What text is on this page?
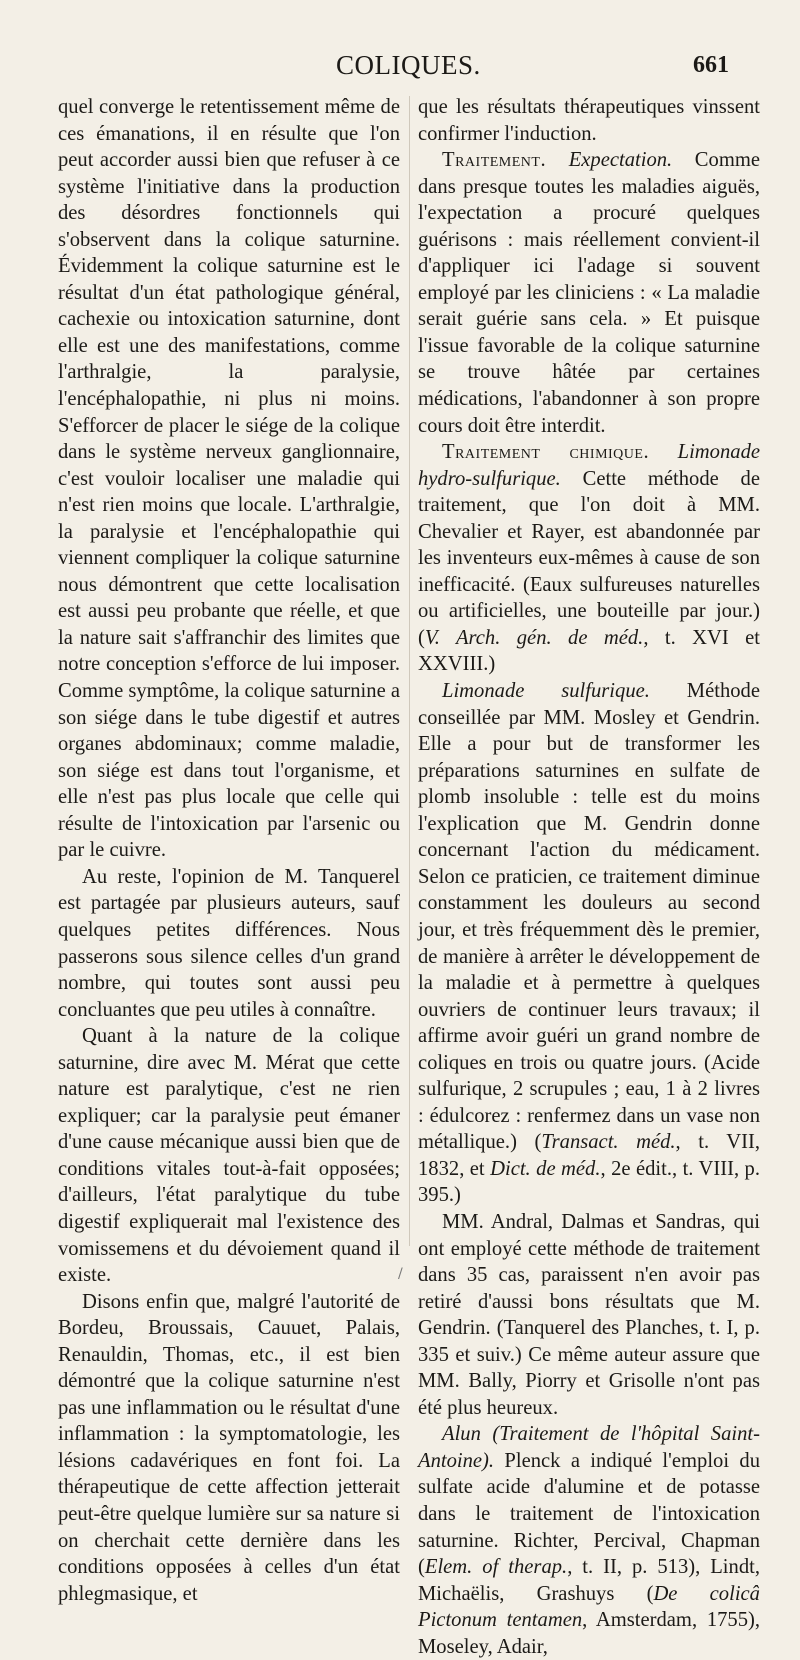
COLIQUES.	661

quel converge le retentissement même de ces émanations, il en résulte que l'on peut accorder aussi bien que refuser à ce système l'initiative dans la production des désordres fonctionnels qui s'observent dans la colique saturnine. Évidemment la colique saturnine est le résultat d'un état pathologique général, cachexie ou intoxication saturnine, dont elle est une des manifestations, comme l'arthralgie, la paralysie, l'encéphalopathie, ni plus ni moins. S'efforcer de placer le siége de la colique dans le système nerveux ganglionnaire, c'est vouloir localiser une maladie qui n'est rien moins que locale. L'arthralgie, la paralysie et l'encéphalopathie qui viennent compliquer la colique saturnine nous démontrent que cette localisation est aussi peu probante que réelle, et que la nature sait s'affranchir des limites que notre conception s'efforce de lui imposer. Comme symptôme, la colique saturnine a son siége dans le tube digestif et autres organes abdominaux; comme maladie, son siége est dans tout l'organisme, et elle n'est pas plus locale que celle qui résulte de l'intoxication par l'arsenic ou par le cuivre.

Au reste, l'opinion de M. Tanquerel est partagée par plusieurs auteurs, sauf quelques petites différences. Nous passerons sous silence celles d'un grand nombre, qui toutes sont aussi peu concluantes que peu utiles à connaître.

Quant à la nature de la colique saturnine, dire avec M. Mérat que cette nature est paralytique, c'est ne rien expliquer; car la paralysie peut émaner d'une cause mécanique aussi bien que de conditions vitales tout-à-fait opposées; d'ailleurs, l'état paralytique du tube digestif expliquerait mal l'existence des vomissemens et du dévoiement quand il existe.

Disons enfin que, malgré l'autorité de Bordeu, Broussais, Cauuet, Palais, Renauldin, Thomas, etc., il est bien démontré que la colique saturnine n'est pas une inflammation ou le résultat d'une inflammation : la symptomatologie, les lésions cadavériques en font foi. La thérapeutique de cette affection jetterait peut-être quelque lumière sur sa nature si on cherchait cette dernière dans les conditions opposées à celles d'un état phlegmasique, et

que les résultats thérapeutiques vinssent confirmer l'induction.

Traitement. Expectation. Comme dans presque toutes les maladies aiguës, l'expectation a procuré quelques guérisons : mais réellement convient-il d'appliquer ici l'adage si souvent employé par les cliniciens : « La maladie serait guérie sans cela. » Et puisque l'issue favorable de la colique saturnine se trouve hâtée par certaines médications, l'abandonner à son propre cours doit être interdit.

Traitement chimique. Limonade hydro-sulfurique. Cette méthode de traitement, que l'on doit à MM. Chevalier et Rayer, est abandonnée par les inventeurs eux-mêmes à cause de son inefficacité. (Eaux sulfureuses naturelles ou artificielles, une bouteille par jour.) (V. Arch. gén. de méd., t. XVI et XXVIII.)

Limonade sulfurique. Méthode conseillée par MM. Mosley et Gendrin. Elle a pour but de transformer les préparations saturnines en sulfate de plomb insoluble : telle est du moins l'explication que M. Gendrin donne concernant l'action du médicament. Selon ce praticien, ce traitement diminue constamment les douleurs au second jour, et très fréquemment dès le premier, de manière à arrêter le développement de la maladie et à permettre à quelques ouvriers de continuer leurs travaux; il affirme avoir guéri un grand nombre de coliques en trois ou quatre jours. (Acide sulfurique, 2 scrupules ; eau, 1 à 2 livres : édulcorez : renfermez dans un vase non métallique.) (Transact. méd., t. VII, 1832, et Dict. de méd., 2e édit., t. VIII, p. 395.)

MM. Andral, Dalmas et Sandras, qui ont employé cette méthode de traitement dans 35 cas, paraissent n'en avoir pas retiré d'aussi bons résultats que M. Gendrin. (Tanquerel des Planches, t. I, p. 335 et suiv.) Ce même auteur assure que MM. Bally, Piorry et Grisolle n'ont pas été plus heureux.

Alun (Traitement de l'hôpital Saint-Antoine). Plenck a indiqué l'emploi du sulfate acide d'alumine et de potasse dans le traitement de l'intoxication saturnine. Richter, Percival, Chapman (Elem. of therap., t. II, p. 513), Lindt, Michaëlis, Grashuys (De colicâ Pictonum tentamen, Amsterdam, 1755), Moseley, Adair,

/
